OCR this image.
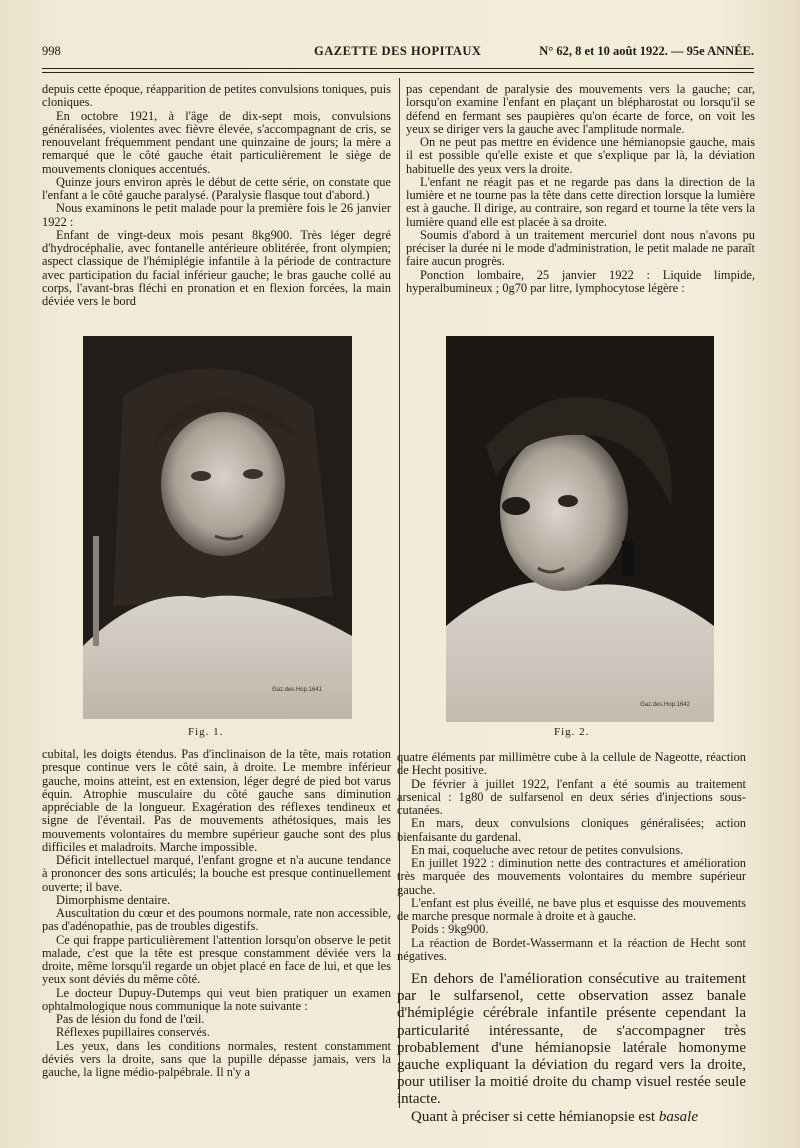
998	GAZETTE DES HOPITAUX	N° 62, 8 et 10 août 1922. — 95e ANNÉE.

depuis cette époque, réapparition de petites convulsions toniques, puis cloniques.

En octobre 1921, à l'âge de dix-sept mois, convulsions généralisées, violentes avec fièvre élevée, s'accompagnant de cris, se renouvelant fréquemment pendant une quinzaine de jours; la mère a remarqué que le côté gauche était particulièrement le siège de mouvements cloniques accentués.

Quinze jours environ après le début de cette série, on constate que l'enfant a le côté gauche paralysé. (Paralysie flasque tout d'abord.)

Nous examinons le petit malade pour la première fois le 26 janvier 1922 :

Enfant de vingt-deux mois pesant 8kg900. Très léger degré d'hydrocéphalie, avec fontanelle antérieure oblitérée, front olympien; aspect classique de l'hémiplégie infantile à la période de contracture avec participation du facial inférieur gauche; le bras gauche collé au corps, l'avant-bras fléchi en pronation et en flexion forcées, la main déviée vers le bord

pas cependant de paralysie des mouvements vers la gauche; car, lorsqu'on examine l'enfant en plaçant un blépharostat ou lorsqu'il se défend en fermant ses paupières qu'on écarte de force, on voit les yeux se diriger vers la gauche avec l'amplitude normale.

On ne peut pas mettre en évidence une hémianopsie gauche, mais il est possible qu'elle existe et que s'explique par là, la déviation habituelle des yeux vers la droite.

L'enfant ne réagit pas et ne regarde pas dans la direction de la lumière et ne tourne pas la tête dans cette direction lorsque la lumière est à gauche. Il dirige, au contraire, son regard et tourne la tête vers la lumière quand elle est placée à sa droite.

Soumis d'abord à un traitement mercuriel dont nous n'avons pu préciser la durée ni le mode d'administration, le petit malade ne paraît faire aucun progrès.

Ponction lombaire, 25 janvier 1922 : Liquide limpide, hyperalbumineux ; 0g70 par litre, lymphocytose légère :

Gaz.des.Hop.1641
Fig. 1.
Gaz.des.Hop.1642
Fig. 2.

cubital, les doigts étendus. Pas d'inclinaison de la tête, mais rotation presque continue vers le côté sain, à droite. Le membre inférieur gauche, moins atteint, est en extension, léger degré de pied bot varus équin. Atrophie musculaire du côté gauche sans diminution appréciable de la longueur. Exagération des réflexes tendineux et signe de l'éventail. Pas de mouvements athétosiques, mais les mouvements volontaires du membre supérieur gauche sont des plus difficiles et maladroits. Marche impossible.

Déficit intellectuel marqué, l'enfant grogne et n'a aucune tendance à prononcer des sons articulés; la bouche est presque continuellement ouverte; il bave.

Dimorphisme dentaire.

Auscultation du cœur et des poumons normale, rate non accessible, pas d'adénopathie, pas de troubles digestifs.

Ce qui frappe particulièrement l'attention lorsqu'on observe le petit malade, c'est que la tête est presque constamment déviée vers la droite, même lorsqu'il regarde un objet placé en face de lui, et que les yeux sont déviés du même côté.

Le docteur Dupuy-Dutemps qui veut bien pratiquer un examen ophtalmologique nous communique la note suivante :

Pas de lésion du fond de l'œil.

Réflexes pupillaires conservés.

Les yeux, dans les conditions normales, restent constamment déviés vers la droite, sans que la pupille dépasse jamais, vers la gauche, la ligne médio-palpébrale. Il n'y a

quatre éléments par millimètre cube à la cellule de Nageotte, réaction de Hecht positive.

De février à juillet 1922, l'enfant a été soumis au traitement arsenical : 1g80 de sulfarsenol en deux séries d'injections sous-cutanées.

En mars, deux convulsions cloniques généralisées; action bienfaisante du gardenal.

En mai, coqueluche avec retour de petites convulsions.

En juillet 1922 : diminution nette des contractures et amélioration très marquée des mouvements volontaires du membre supérieur gauche.

L'enfant est plus éveillé, ne bave plus et esquisse des mouvements de marche presque normale à droite et à gauche.

Poids : 9kg900.

La réaction de Bordet-Wassermann et la réaction de Hecht sont négatives.

En dehors de l'amélioration consécutive au traitement par le sulfarsenol, cette observation assez banale d'hémiplégie cérébrale infantile présente cependant la particularité intéressante, de s'accompagner très probablement d'une hémianopsie latérale homonyme gauche expliquant la déviation du regard vers la droite, pour utiliser la moitié droite du champ visuel restée seule intacte.

Quant à préciser si cette hémianopsie est basale
